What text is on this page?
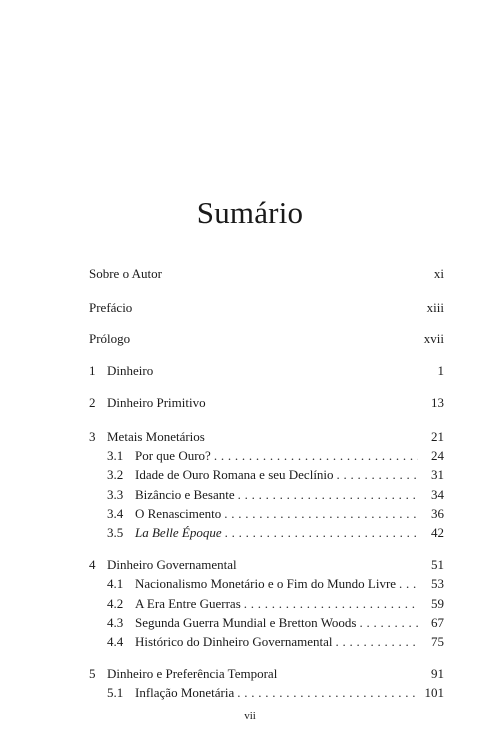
Sumário
Sobre o Autor	xi
Prefácio	xiii
Prólogo	xvii
1 Dinheiro	1
2 Dinheiro Primitivo	13
3 Metais Monetários	21
3.1 Por que Ouro? . . .	24
3.2 Idade de Ouro Romana e seu Declínio . . .	31
3.3 Bizâncio e Besante . . .	34
3.4 O Renascimento . . .	36
3.5 La Belle Époque . . .	42
4 Dinheiro Governamental	51
4.1 Nacionalismo Monetário e o Fim do Mundo Livre . . .	53
4.2 A Era Entre Guerras . . .	59
4.3 Segunda Guerra Mundial e Bretton Woods . . .	67
4.4 Histórico do Dinheiro Governamental . . .	75
5 Dinheiro e Preferência Temporal	91
5.1 Inflação Monetária . . .	101
vii
